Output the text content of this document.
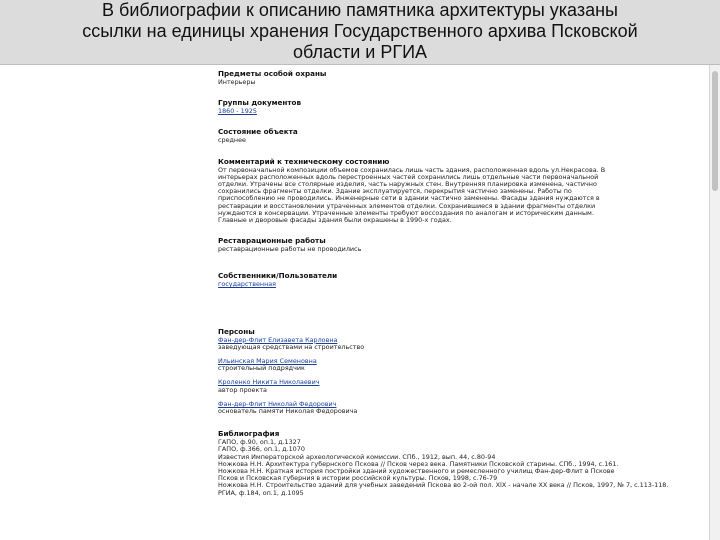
В библиографии к описанию памятника архитектуры указаны
ссылки на единицы хранения Государственного архива Псковской
области и РГИА
Предметы особой охраны
Интерьеры
Группы документов
1860 - 1925
Состояние объекта
среднее
Комментарий к техническому состоянию
От первоначальной композиции объемов сохранилась лишь часть здания, расположенная вдоль ул.Некрасова. В интерьерах расположенных вдоль перестроенных частей сохранились лишь отдельные части первоначальной отделки. Утрачены все столярные изделия, часть наружных стен. Внутренняя планировка изменена, частично сохранились фрагменты отделки. Здание эксплуатируется, перекрытия частично заменены. Работы по приспособлению не проводились. Инженерные сети в здании частично заменены. Фасады здания нуждаются в реставрации и восстановлении утраченных элементов отделки. Сохранившиеся в здании фрагменты отделки нуждаются в консервации. Утраченные элементы требуют воссоздания по аналогам и историческим данным. Главные и дворовые фасады здания были окрашены в 1990-х годах.
Реставрационные работы
реставрационные работы не проводились
Собственники/Пользователи
государственная
Персоны
Фан-дер-Флит Елизавета Карловна
заведующая средствами на строительство
Ильинская Мария Семеновна
строительный подрядчик
Кроленко Никита Николаевич
автор проекта
Фан-дер-Флит Николай Федорович
основатель памяти Николая Федоровича
Библиография
ГАПО, ф.90, оп.1, д.1327
ГАПО, ф.366, оп.1, д.1070
Известия Императорской археологической комиссии. СПб., 1912, вып. 44, с.80-94
Ножкова Н.Н. Архитектура губернского Пскова // Псков через века. Памятники Псковской старины. СПб., 1994, с.161.
Ножкова Н.Н. Краткая история постройки зданий художественного и ремесленного училищ Фан-дер-Флит в Пскове
Псков и Псковская губерния в истории российской культуры. Псков, 1998, с.76-79
Ножкова Н.Н. Строительство зданий для учебных заведений Пскова во 2-ой пол. XIX - начале XX века // Псков, 1997, № 7, с.113-118.
РГИА, ф.184, оп.1, д.1095
